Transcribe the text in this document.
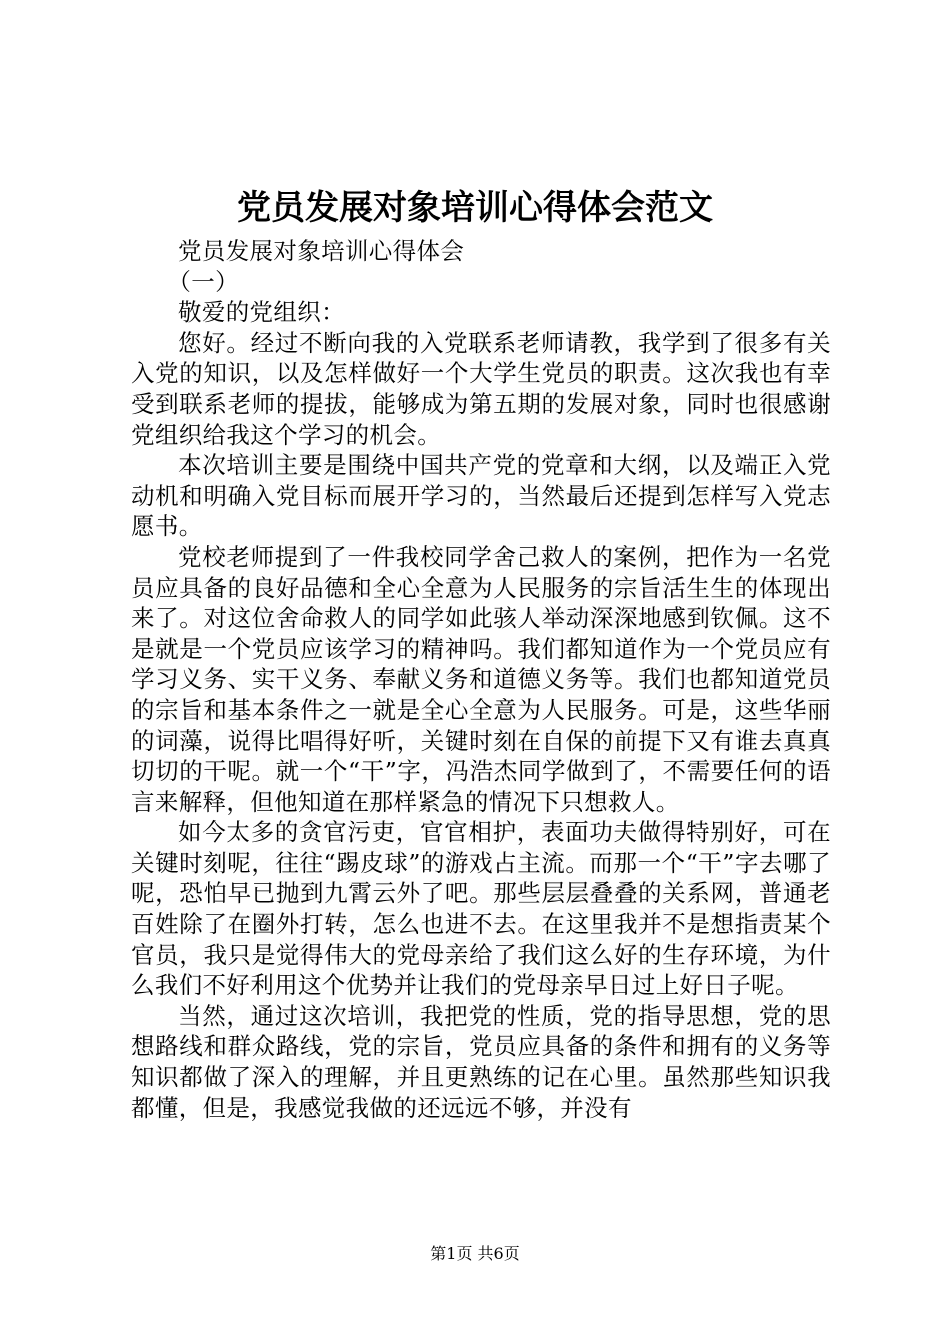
党员发展对象培训心得体会范文

党员发展对象培训心得体会

（一）

敬爱的党组织：

您好。经过不断向我的入党联系老师请教，我学到了很多有关入党的知识，以及怎样做好一个大学生党员的职责。这次我也有幸受到联系老师的提拔，能够成为第五期的发展对象，同时也很感谢党组织给我这个学习的机会。

本次培训主要是围绕中国共产党的党章和大纲，以及端正入党动机和明确入党目标而展开学习的，当然最后还提到怎样写入党志愿书。

党校老师提到了一件我校同学舍己救人的案例，把作为一名党员应具备的良好品德和全心全意为人民服务的宗旨活生生的体现出来了。对这位舍命救人的同学如此骇人举动深深地感到钦佩。这不是就是一个党员应该学习的精神吗。我们都知道作为一个党员应有学习义务、实干义务、奉献义务和道德义务等。我们也都知道党员的宗旨和基本条件之一就是全心全意为人民服务。可是，这些华丽的词藻，说得比唱得好听，关键时刻在自保的前提下又有谁去真真切切的干呢。就一个“干”字，冯浩杰同学做到了，不需要任何的语言来解释，但他知道在那样紧急的情况下只想救人。

如今太多的贪官污吏，官官相护，表面功夫做得特别好，可在关键时刻呢，往往“踢皮球”的游戏占主流。而那一个“干”字去哪了呢，恐怕早已抛到九霄云外了吧。那些层层叠叠的关系网，普通老百姓除了在圈外打转，怎么也进不去。在这里我并不是想指责某个官员，我只是觉得伟大的党母亲给了我们这么好的生存环境，为什么我们不好利用这个优势并让我们的党母亲早日过上好日子呢。

当然，通过这次培训，我把党的性质，党的指导思想，党的思想路线和群众路线，党的宗旨，党员应具备的条件和拥有的义务等知识都做了深入的理解，并且更熟练的记在心里。虽然那些知识我都懂，但是，我感觉我做的还远远不够，并没有

第1页 共6页
